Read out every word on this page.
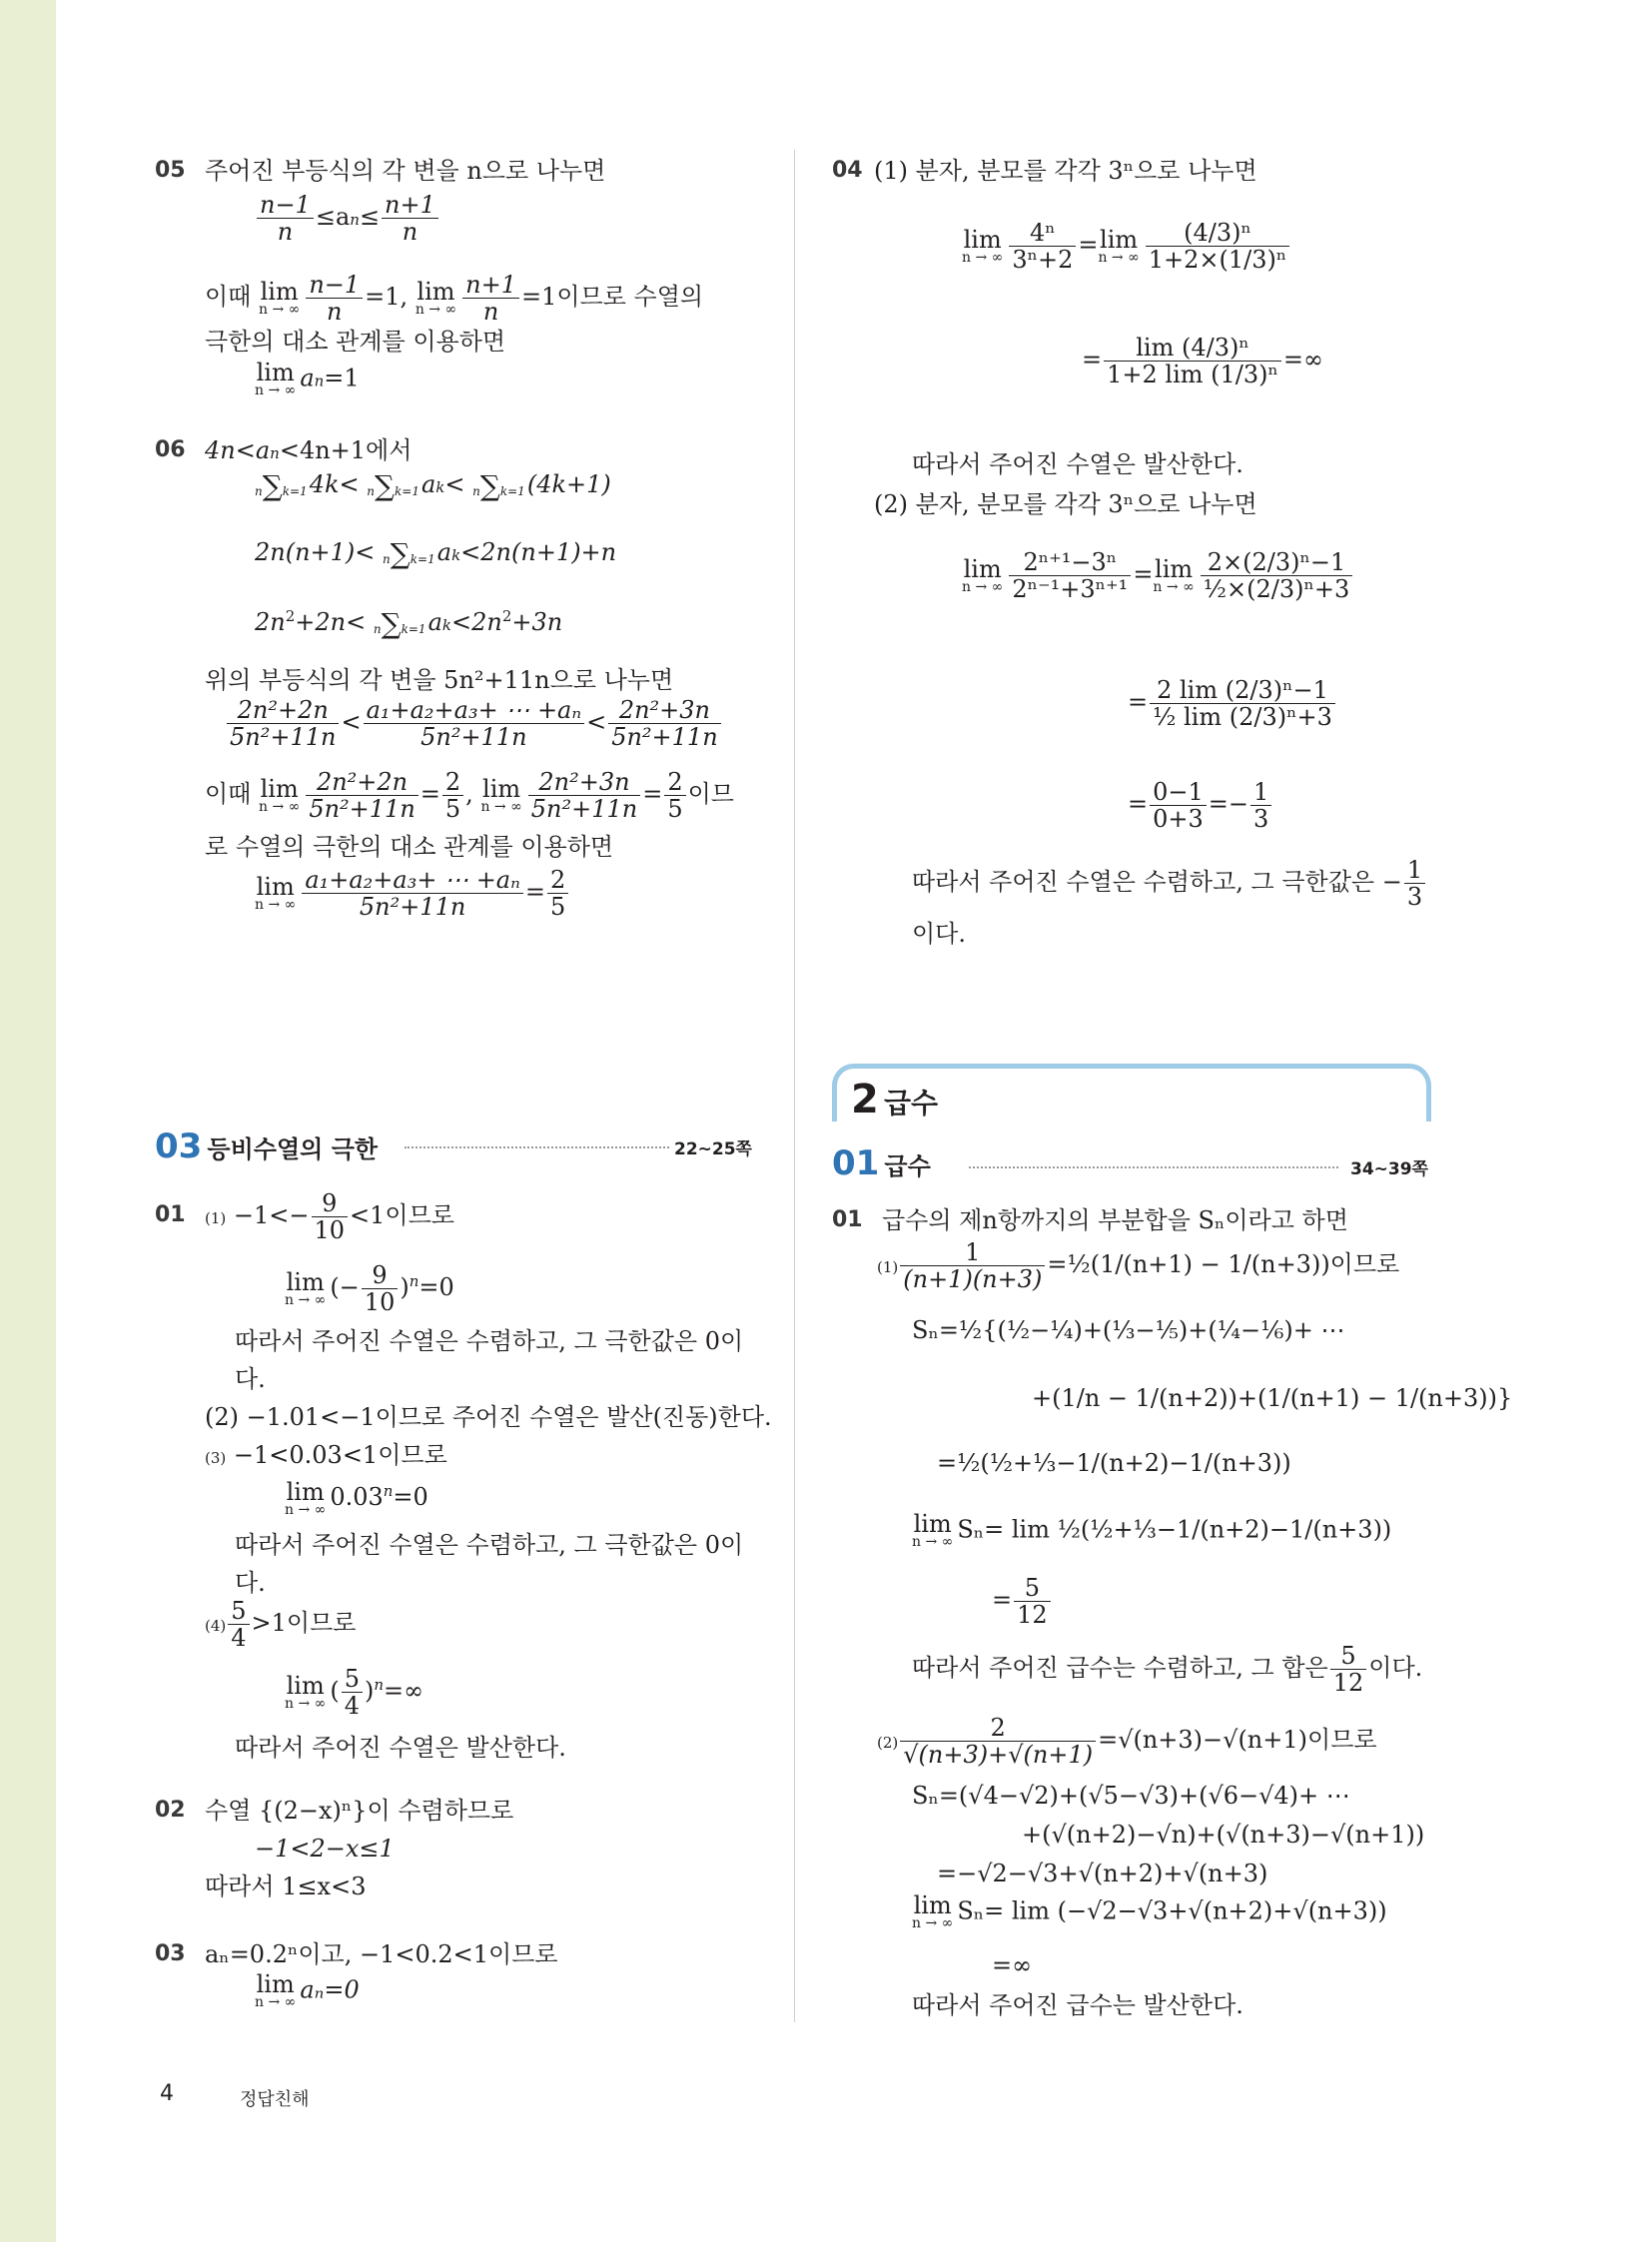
05 주어진 부등식의 각 변을 n으로 나누면
$\frac{n-1}{n} \le an\le \frac{n+1}{n}$
이때 lim
n → ∞ $\frac{n-1}{n} =1$, lim
n → ∞ $\frac{n+1}{n} =1$이므로 수열의
극한의 대소 관계를 이용하면
lim
n → ∞ an=1
06 4n<an<4n+1에서
n∑k=14k< n∑k=1ak< n∑k=1(4k+1)
2n(n+1)< n∑k=1ak<2n(n+1)+n
$2n^2+2n< n\sum k=1ak<2n^2+3n$
위의 부등식의 각 변을 5n²+11n으로 나누면
$\frac{\text{2n²+2n}}{\text{5n²+11n}} < \frac{\text{a₁+a₂+a₃+ ⋯ +aₙ}}{\text{5n²+11n}} < \frac{\text{2n²+3n}}{\text{5n²+11n}}$
이때 lim
n → ∞ $\frac{\text{2n²+2n}}{\text{5n²+11n}} = \frac{2}{5}$ , lim
n → ∞ $\frac{\text{2n²+3n}}{\text{5n²+11n}} = \frac{2}{5}$ 이므
로 수열의 극한의 대소 관계를 이용하면
lim
n → ∞ $\frac{\text{a₁+a₂+a₃+ ⋯ +aₙ}}{\text{5n²+11n}} = \frac{2}{5}$
03 등비수열의 극한	22~25쪽
01 $(1) -1<- \frac{9}{10} <1$이므로
lim
n → ∞ (− $\frac{9}{10} )^n=0$
따라서 주어진 수열은 수렴하고, 그 극한값은 0이
다.
(2) −1.01<−1이므로 주어진 수열은 발산(진동)한다.
(3) −1<0.03<1이므로
lim
n → ∞ $0.03^n=0$
따라서 주어진 수열은 수렴하고, 그 극한값은 0이
다.
$(4) \frac{5}{4} >1$이므로
lim
n → ∞ ( $\frac{5}{4} )^n=\infty$
따라서 주어진 수열은 발산한다.
02 수열 {(2−x)ⁿ}이 수렴하므로
−1<2−x≤1
따라서 1≤x<3
03 aₙ=0.2ⁿ이고, −1<0.2<1이므로
lim
n → ∞ aₙ=0
04 (1) 분자, 분모를 각각 3ⁿ으로 나누면
lim
n → ∞ $\frac{\text{4ⁿ}}{\text{3ⁿ+2}} = \lim$
n → ∞ $\frac{\text{(4/3)ⁿ}}{\text{1+2×(1/3)ⁿ}}$
= $\frac{\text{lim (4/3)ⁿ}}{\text{1+2 lim (1/3)ⁿ}}$ =∞
따라서 주어진 수열은 발산한다.
(2) 분자, 분모를 각각 3ⁿ으로 나누면
lim
n → ∞ $\frac{\text{2ⁿ⁺¹−3ⁿ}}{\text{2ⁿ⁻¹+3ⁿ⁺¹}} = \lim$
n → ∞ $\frac{\text{2×(2/3)ⁿ−1}}{\text{½×(2/3)ⁿ+3}}$
= $\frac{\text{2 lim (2/3)ⁿ−1}}{\text{½ lim (2/3)ⁿ+3}}$
= $\frac{0-1}{0+3} =- \frac{1}{3}$
따라서 주어진 수열은 수렴하고, 그 극한값은 − $\frac{1}{3}$
이다.
2 급수
01 급수	34~39쪽
01 급수의 제n항까지의 부분합을 Sₙ이라고 하면
$(1) \frac{1}{(n+1)(n+3)}$ =½(1/(n+1) − 1/(n+3))이므로
Sₙ=½{(½−¼)+(⅓−⅕)+(¼−⅙)+ ⋯
+(1/n − 1/(n+2))+(1/(n+1) − 1/(n+3))}
=½(½+⅓−1/(n+2)−1/(n+3))
lim
n → ∞ Sₙ= lim ½(½+⅓−1/(n+2)−1/(n+3))
= $\frac{5}{12}$
따라서 주어진 급수는 수렴하고, 그 합은 $\frac{5}{12}$ 이다.
$(2) \frac{2}{√(n+3)+√(n+1)} =√(n+3)-√(n+1)$이므로
Sₙ=(√4−√2)+(√5−√3)+(√6−√4)+ ⋯
+(√(n+2)−√n)+(√(n+3)−√(n+1))
=−√2−√3+√(n+2)+√(n+3)
lim
n → ∞ Sₙ= lim (−√2−√3+√(n+2)+√(n+3))
=∞
따라서 주어진 급수는 발산한다.
4	정답친해
